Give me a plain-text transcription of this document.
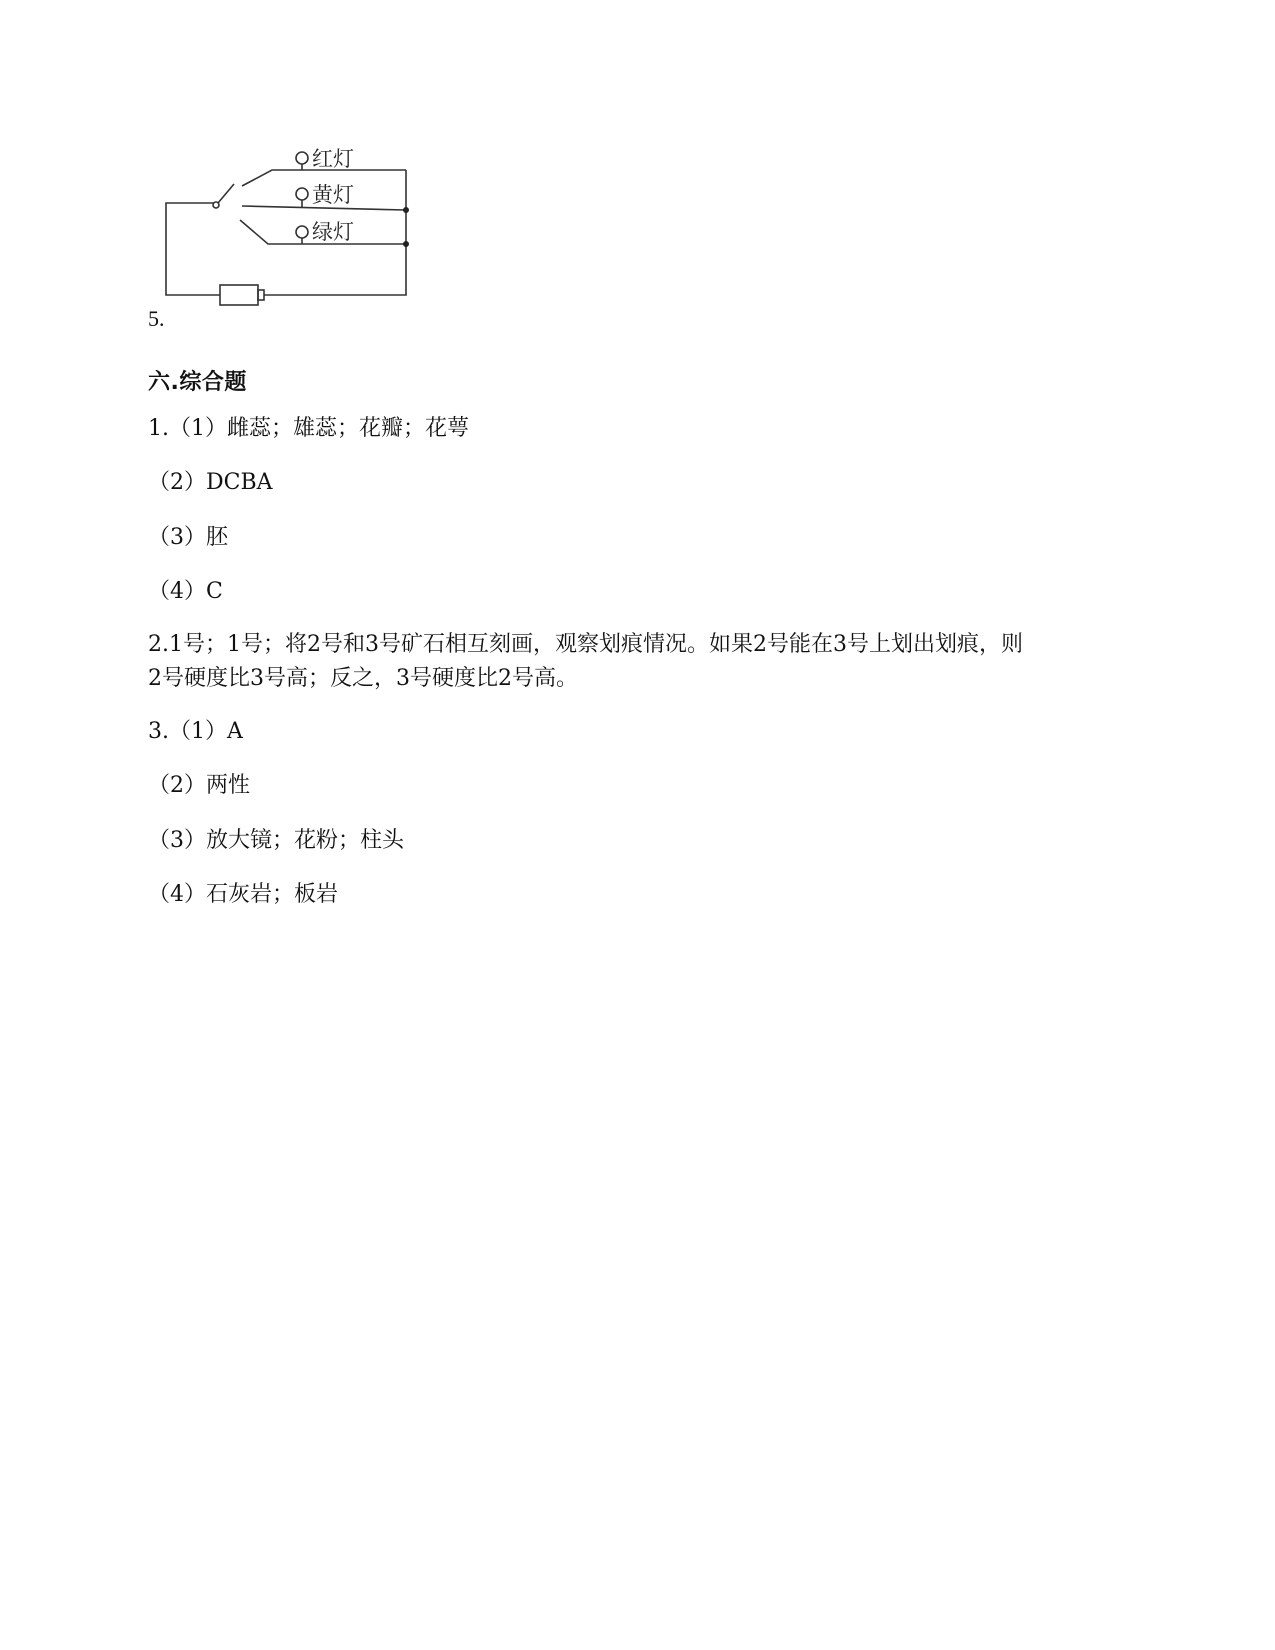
5.
红灯
黄灯
绿灯
六.综合题
1.（1）雌蕊；雄蕊；花瓣；花萼
（2）DCBA
（3）胚
（4）C
2.1号；1号；将2号和3号矿石相互刻画，观察划痕情况。如果2号能在3号上划出划痕，则
2号硬度比3号高；反之，3号硬度比2号高。
3.（1）A
（2）两性
（3）放大镜；花粉；柱头
（4）石灰岩；板岩
